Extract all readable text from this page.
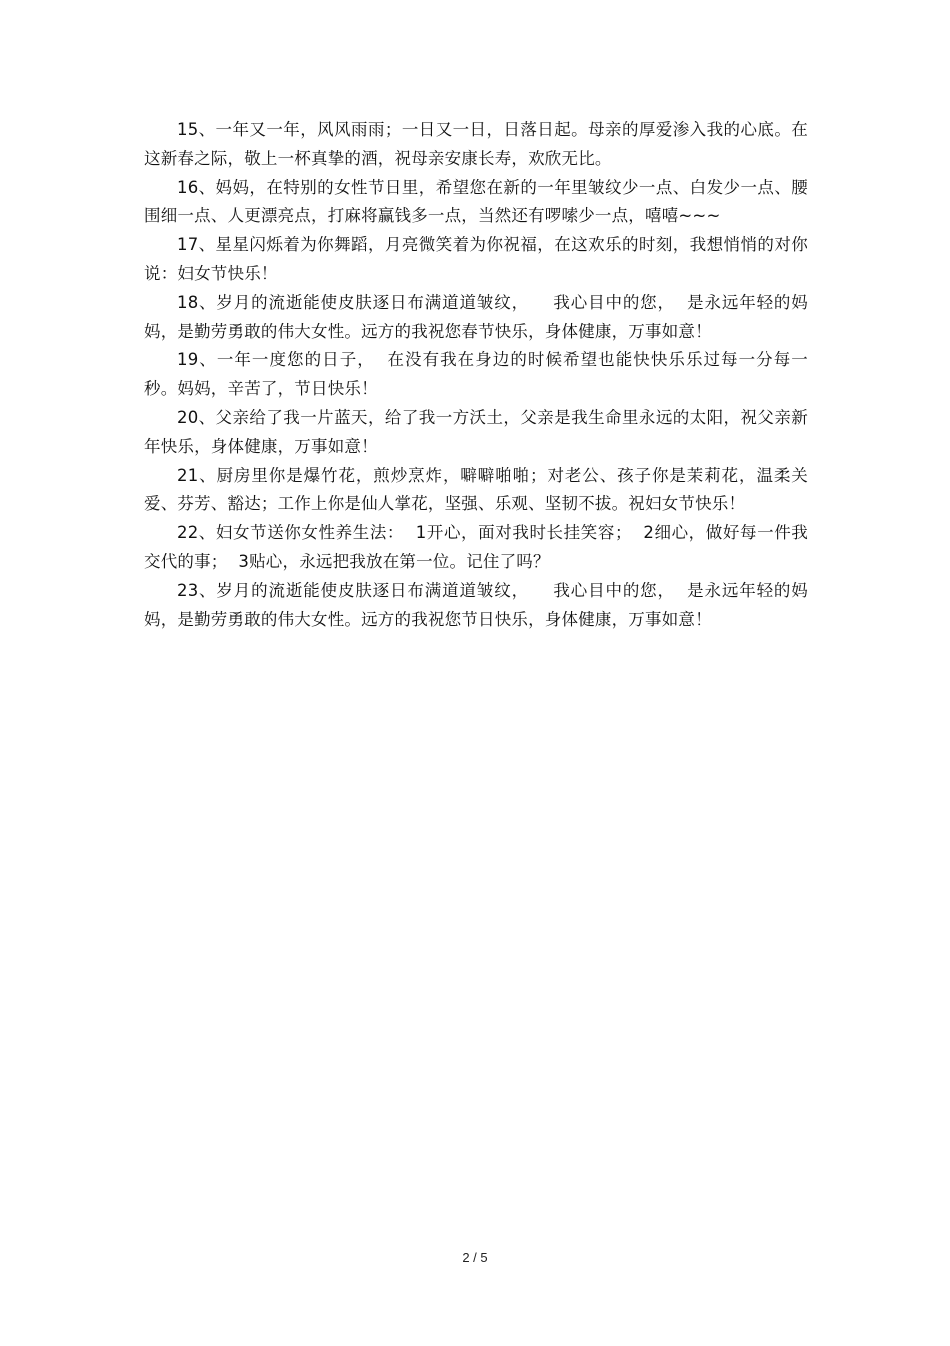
15、一年又一年，风风雨雨；一日又一日，日落日起。母亲的厚爱渗入我的心底。在这新春之际，敬上一杯真挚的酒，祝母亲安康长寿，欢欣无比。

16、妈妈，在特别的女性节日里，希望您在新的一年里皱纹少一点、白发少一点、腰围细一点、人更漂亮点，打麻将赢钱多一点，当然还有啰嗦少一点，嘻嘻~~~

17、星星闪烁着为你舞蹈，月亮微笑着为你祝福，在这欢乐的时刻，我想悄悄的对你说：妇女节快乐！

18、岁月的流逝能使皮肤逐日布满道道皱纹，    我心目中的您，  是永远年轻的妈妈，是勤劳勇敢的伟大女性。远方的我祝您春节快乐，身体健康，万事如意！

19、一年一度您的日子，  在没有我在身边的时候希望也能快快乐乐过每一分每一秒。妈妈，辛苦了，节日快乐！

20、父亲给了我一片蓝天，给了我一方沃土，父亲是我生命里永远的太阳，祝父亲新年快乐，身体健康，万事如意！

21、厨房里你是爆竹花，煎炒烹炸，噼噼啪啪；对老公、孩子你是茉莉花，温柔关爱、芬芳、豁达；工作上你是仙人掌花，坚强、乐观、坚韧不拔。祝妇女节快乐！

22、妇女节送你女性养生法：  1开心，面对我时长挂笑容；  2细心，做好每一件我交代的事；  3贴心，永远把我放在第一位。记住了吗？

23、岁月的流逝能使皮肤逐日布满道道皱纹，    我心目中的您，  是永远年轻的妈妈，是勤劳勇敢的伟大女性。远方的我祝您节日快乐，身体健康，万事如意！

2 / 5
